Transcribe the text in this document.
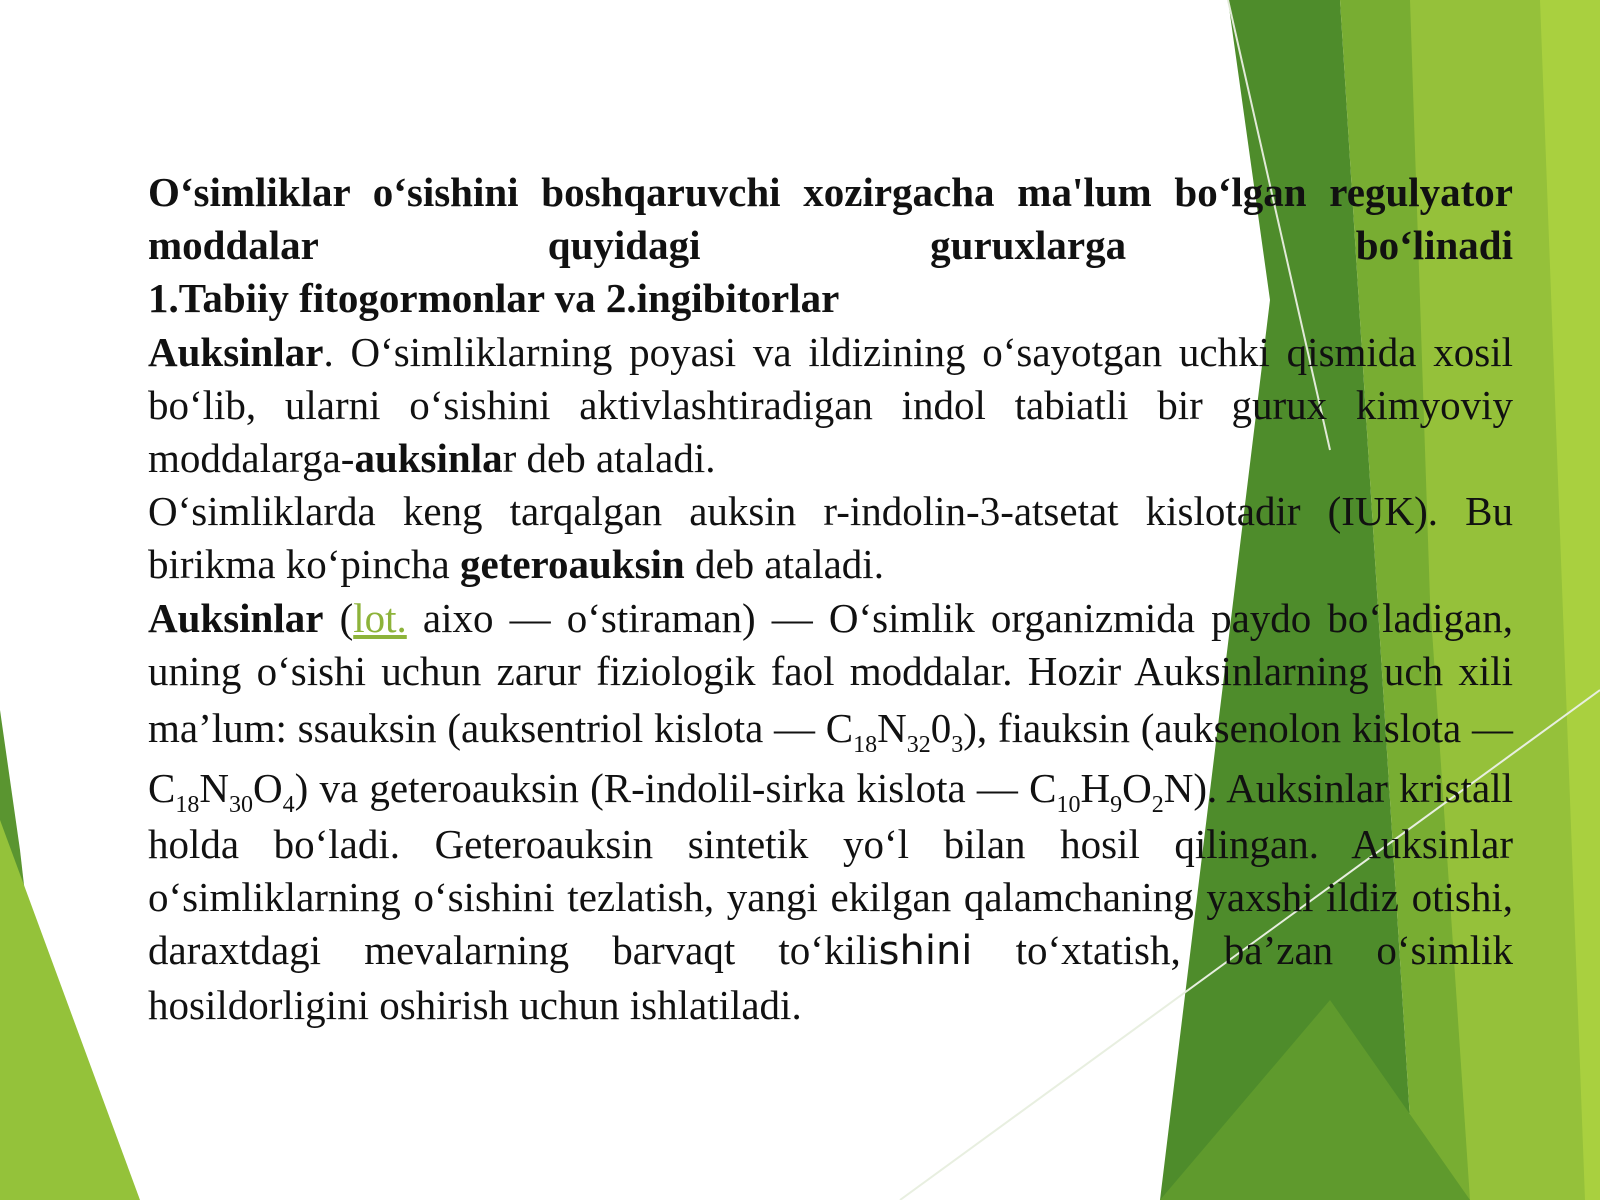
O‘simliklar o‘sishini boshqaruvchi xozirgacha ma'lum bo‘lgan regulyator moddalar quyidagi guruxlarga bo‘linadi

1.Tabiiy fitogormonlar va 2.ingibitorlar

Auksinlar. O‘simliklarning poyasi va ildizining o‘sayotgan uchki qismida xosil bo‘lib, ularni o‘sishini aktivlashtiradigan indol tabiatli bir gurux kimyoviy moddalarga-auksinlar deb ataladi.

O‘simliklarda keng tarqalgan auksin r-indolin-3-atsetat kislotadir (IUK). Bu birikma ko‘pincha geteroauksin deb ataladi.

Auksinlar (lot. aixo — o‘stiraman) — O‘simlik organizmida paydo bo‘ladigan, uning o‘sishi uchun zarur fiziologik faol moddalar. Hozir Auksinlarning uch xili ma’lum: ssauksin (auksentriol kislota — $C_{18}N_{32}0_3$), fiauksin (auksenolon kislota — $C_{18}N_{30}O_4$) va geteroauksin (R-indolil-sirka kislota — $C_{10}H_9O_2N$). Auksinlar kristall holda bo‘ladi. Geteroauksin sintetik yo‘l bilan hosil qilingan. Auksinlar o‘simliklarning o‘sishini tezlatish, yangi ekilgan qalamchaning yaxshi ildiz otishi, daraxtdagi mevalarning barvaqt to‘kilishini to‘xtatish, ba’zan o‘simlik hosildorligini oshirish uchun ishlatiladi.
